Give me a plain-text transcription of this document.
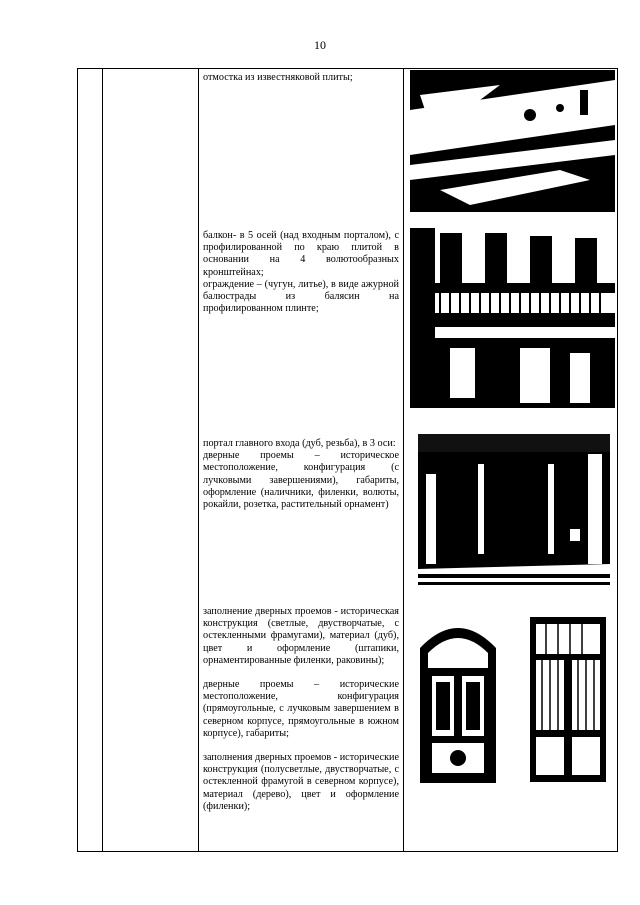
10

отмостка из известняковой плиты;

балкон- в 5 осей (над входным порталом), с профилированной по краю плитой в основании на 4 волютообразных кронштейнах;

ограждение – (чугун, литье), в виде ажурной балюстрады из балясин на профилированном плинте;

портал главного входа (дуб, резьба), в 3 оси:

дверные проемы – историческое местоположение, конфигурация (с лучковыми завершениями), габариты, оформление (наличники, филенки, волюты, рокайли, розетка, растительный орнамент)

заполнение дверных проемов - историческая конструкция (светлые, двустворчатые, с остекленными фрамугами), материал (дуб), цвет и оформление (штапики, орнаментированные филенки, раковины);

дверные проемы – исторические местоположение, конфигурация (прямоугольные, с лучковым завершением в северном корпусе, прямоугольные в южном корпусе), габариты;

заполнения дверных проемов - исторические конструкция (полусветлые, двустворчатые, с остекленной фрамугой в северном корпусе), материал (дерево), цвет и оформление (филенки);
